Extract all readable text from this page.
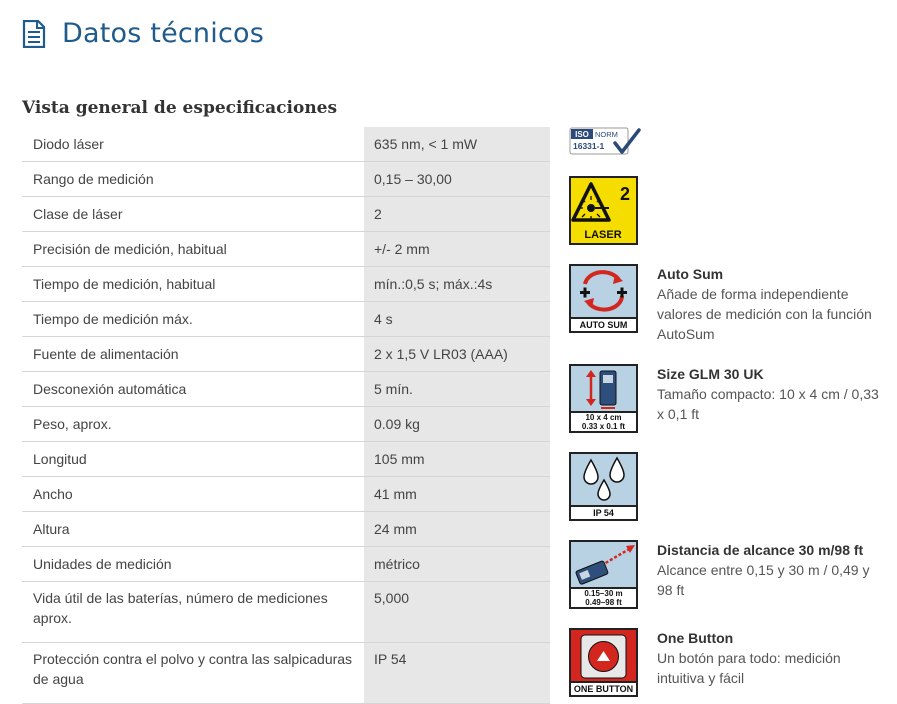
Datos técnicos
Vista general de especificaciones
Diodo láser	635 nm, < 1 mW
Rango de medición	0,15 – 30,00
Clase de láser	2
Precisión de medición, habitual	+/- 2 mm
Tiempo de medición, habitual	mín.:0,5 s; máx.:4s
Tiempo de medición máx.	4 s
Fuente de alimentación	2 x 1,5 V LR03 (AAA)
Desconexión automática	5 mín.
Peso, aprox.	0.09 kg
Longitud	105 mm
Ancho	41 mm
Altura	24 mm
Unidades de medición	métrico
Vida útil de las baterías, número de mediciones aprox.	5,000
Protección contra el polvo y contra las salpicaduras de agua	IP 54
ISO NORM
16331-1
2
LASER
AUTO SUM
Auto Sum
Añade de forma independiente valores de medición con la función AutoSum
10 x 4 cm
0.33 x 0.1 ft
Size GLM 30 UK
Tamaño compacto: 10 x 4 cm / 0,33 x 0,1 ft
IP 54
0.15–30 m
0.49–98 ft
Distancia de alcance 30 m/98 ft
Alcance entre 0,15 y 30 m / 0,49 y 98 ft
ONE BUTTON
One Button
Un botón para todo: medición intuitiva y fácil
